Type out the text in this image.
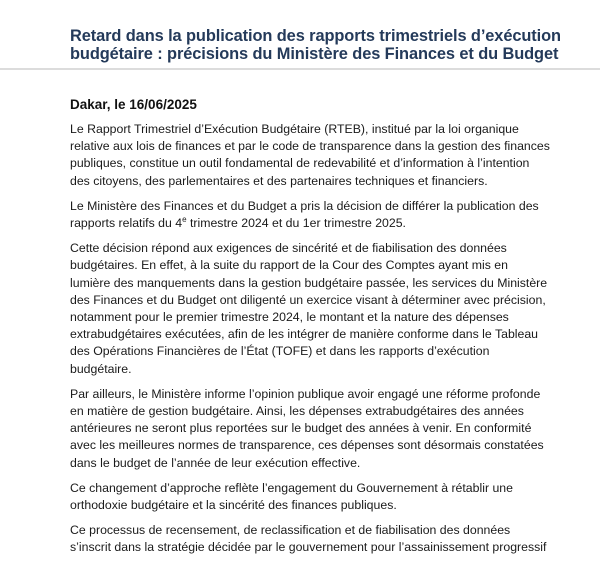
Retard dans la publication des rapports trimestriels d’exécution
budgétaire : précisions du Ministère des Finances et du Budget
Dakar, le 16/06/2025
Le Rapport Trimestriel d’Exécution Budgétaire (RTEB), institué par la loi organique
relative aux lois de finances et par le code de transparence dans la gestion des finances
publiques, constitue un outil fondamental de redevabilité et d’information à l’intention
des citoyens, des parlementaires et des partenaires techniques et financiers.
Le Ministère des Finances et du Budget a pris la décision de différer la publication des
rapports relatifs du 4e trimestre 2024 et du 1er trimestre 2025.
Cette décision répond aux exigences de sincérité et de fiabilisation des données
budgétaires. En effet, à la suite du rapport de la Cour des Comptes ayant mis en
lumière des manquements dans la gestion budgétaire passée, les services du Ministère
des Finances et du Budget ont diligenté un exercice visant à déterminer avec précision,
notamment pour le premier trimestre 2024, le montant et la nature des dépenses
extrabudgétaires exécutées, afin de les intégrer de manière conforme dans le Tableau
des Opérations Financières de l’État (TOFE) et dans les rapports d’exécution
budgétaire.
Par ailleurs, le Ministère informe l’opinion publique avoir engagé une réforme profonde
en matière de gestion budgétaire. Ainsi, les dépenses extrabudgétaires des années
antérieures ne seront plus reportées sur le budget des années à venir. En conformité
avec les meilleures normes de transparence, ces dépenses sont désormais constatées
dans le budget de l’année de leur exécution effective.
Ce changement d’approche reflète l’engagement du Gouvernement à rétablir une
orthodoxie budgétaire et la sincérité des finances publiques.
Ce processus de recensement, de reclassification et de fiabilisation des données
s’inscrit dans la stratégie décidée par le gouvernement pour l’assainissement progressif
